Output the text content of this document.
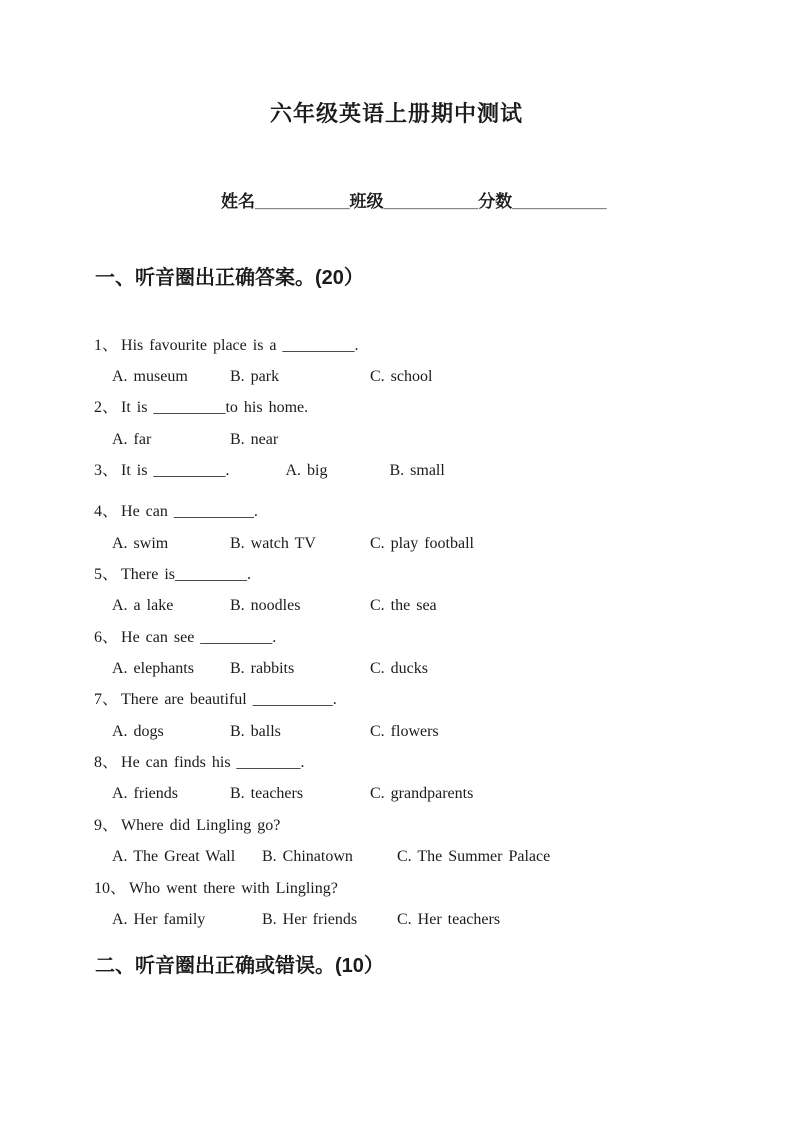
六年级英语上册期中测试
姓名__________班级__________分数__________
一、听音圈出正确答案。(20）
1、 His favourite place is a _________.
A. museum	B. park	C. school
2、 It is _________to his home.
A. far	B. near
3、 It is _________.	A. big	B. small
4、 He can __________.
A. swim	B. watch TV	C. play football
5、 There is_________.
A. a lake	B. noodles	C. the sea
6、 He can see _________.
A. elephants	B. rabbits	C. ducks
7、 There are beautiful __________.
A. dogs	B. balls	C. flowers
8、 He can finds his ________.
A. friends	B. teachers	C. grandparents
9、 Where did Lingling go?
A. The Great Wall	B. Chinatown	C. The Summer Palace
10、 Who went there with Lingling?
A. Her family	B. Her friends	C. Her teachers
二、听音圈出正确或错误。(10）
